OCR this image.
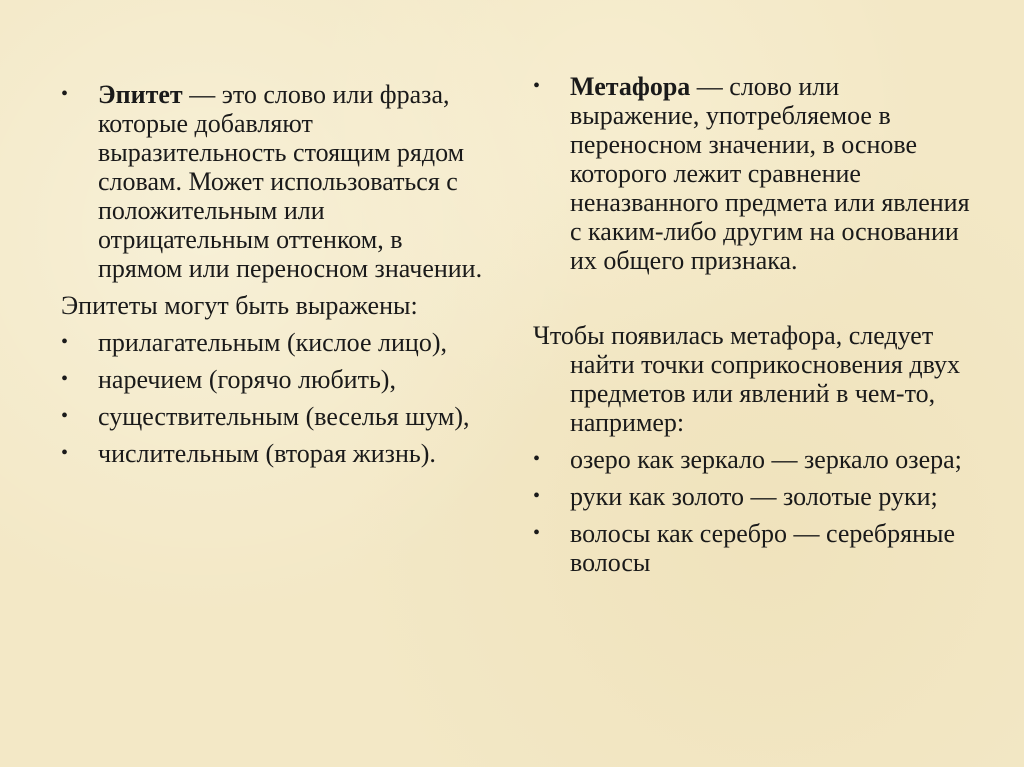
•	Эпитет — это слово или фраза, которые добавляют выразительность стоящим рядом словам. Может использоваться с положительным или отрицательным оттенком, в прямом или переносном значении.
Эпитеты могут быть выражены:
•	прилагательным (кислое лицо),
•	наречием (горячо любить),
•	существительным (веселья шум),
•	числительным (вторая жизнь).
•	Метафора — слово или выражение, употребляемое в переносном значении, в основе которого лежит сравнение неназванного предмета или явления с каким-либо другим на основании их общего признака.
Чтобы появилась метафора, следует найти точки соприкосновения двух предметов или явлений в чем-то, например:
•	озеро как зеркало — зеркало озера;
•	руки как золото — золотые руки;
•	волосы как серебро — серебряные волосы
